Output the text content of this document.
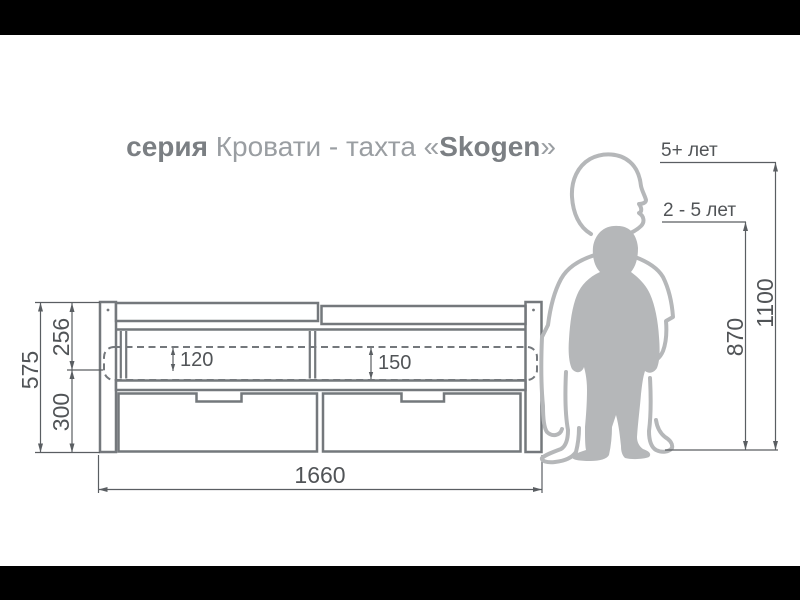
серия Кровати - тахта «Skogen»

575
256
300
120	150
1660
1100
870
5+ лет
2 - 5 лет
